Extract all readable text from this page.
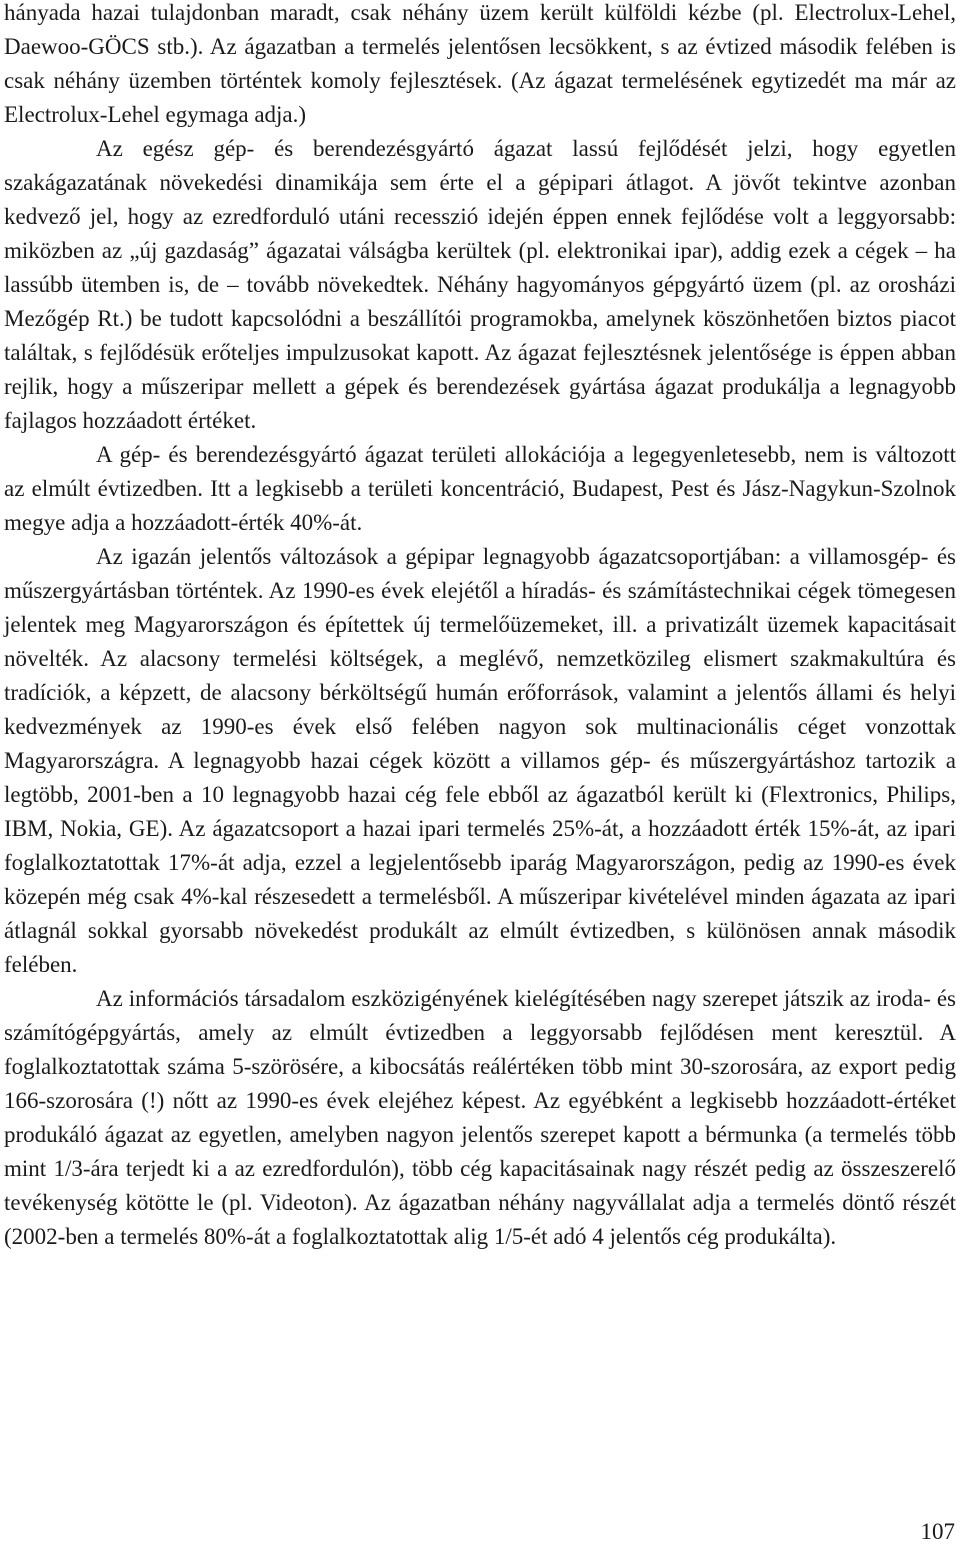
hányada hazai tulajdonban maradt, csak néhány üzem került külföldi kézbe (pl. Electrolux-Lehel, Daewoo-GÖCS stb.). Az ágazatban a termelés jelentősen lecsökkent, s az évtized második felében is csak néhány üzemben történtek komoly fejlesztések. (Az ágazat termelésének egytizedét ma már az Electrolux-Lehel egymaga adja.)

Az egész gép- és berendezésgyártó ágazat lassú fejlődését jelzi, hogy egyetlen szakágazatának növekedési dinamikája sem érte el a gépipari átlagot. A jövőt tekintve azonban kedvező jel, hogy az ezredforduló utáni recesszió idején éppen ennek fejlődése volt a leggyorsabb: miközben az „új gazdaság” ágazatai válságba kerültek (pl. elektronikai ipar), addig ezek a cégek – ha lassúbb ütemben is, de – tovább növekedtek. Néhány hagyományos gépgyártó üzem (pl. az orosházi Mezőgép Rt.) be tudott kapcsolódni a beszállítói programokba, amelynek köszönhetően biztos piacot találtak, s fejlődésük erőteljes impulzusokat kapott. Az ágazat fejlesztésnek jelentősége is éppen abban rejlik, hogy a műszeripar mellett a gépek és berendezések gyártása ágazat produkálja a legnagyobb fajlagos hozzáadott értéket.

A gép- és berendezésgyártó ágazat területi allokációja a legegyenletesebb, nem is változott az elmúlt évtizedben. Itt a legkisebb a területi koncentráció, Budapest, Pest és Jász-Nagykun-Szolnok megye adja a hozzáadott-érték 40%-át.

Az igazán jelentős változások a gépipar legnagyobb ágazatcsoportjában: a villamosgép- és műszergyártásban történtek. Az 1990-es évek elejétől a híradás- és számítástechnikai cégek tömegesen jelentek meg Magyarországon és építettek új termelőüzemeket, ill. a privatizált üzemek kapacitásait növelték. Az alacsony termelési költségek, a meglévő, nemzetközileg elismert szakmakultúra és tradíciók, a képzett, de alacsony bérköltségű humán erőforrások, valamint a jelentős állami és helyi kedvezmények az 1990-es évek első felében nagyon sok multinacionális céget vonzottak Magyarországra. A legnagyobb hazai cégek között a villamos gép- és műszergyártáshoz tartozik a legtöbb, 2001-ben a 10 legnagyobb hazai cég fele ebből az ágazatból került ki (Flextronics, Philips, IBM, Nokia, GE). Az ágazatcsoport a hazai ipari termelés 25%-át, a hozzáadott érték 15%-át, az ipari foglalkoztatottak 17%-át adja, ezzel a legjelentősebb iparág Magyarországon, pedig az 1990-es évek közepén még csak 4%-kal részesedett a termelésből. A műszeripar kivételével minden ágazata az ipari átlagnál sokkal gyorsabb növekedést produkált az elmúlt évtizedben, s különösen annak második felében.

Az információs társadalom eszközigényének kielégítésében nagy szerepet játszik az iroda- és számítógépgyártás, amely az elmúlt évtizedben a leggyorsabb fejlődésen ment keresztül. A foglalkoztatottak száma 5-szörösére, a kibocsátás reálértéken több mint 30-szorosára, az export pedig 166-szorosára (!) nőtt az 1990-es évek elejéhez képest. Az egyébként a legkisebb hozzáadott-értéket produkáló ágazat az egyetlen, amelyben nagyon jelentős szerepet kapott a bérmunka (a termelés több mint 1/3-ára terjedt ki a az ezredfordulón), több cég kapacitásainak nagy részét pedig az összeszerelő tevékenység kötötte le (pl. Videoton). Az ágazatban néhány nagyvállalat adja a termelés döntő részét (2002-ben a termelés 80%-át a foglalkoztatottak alig 1/5-ét adó 4 jelentős cég produkálta).

107
